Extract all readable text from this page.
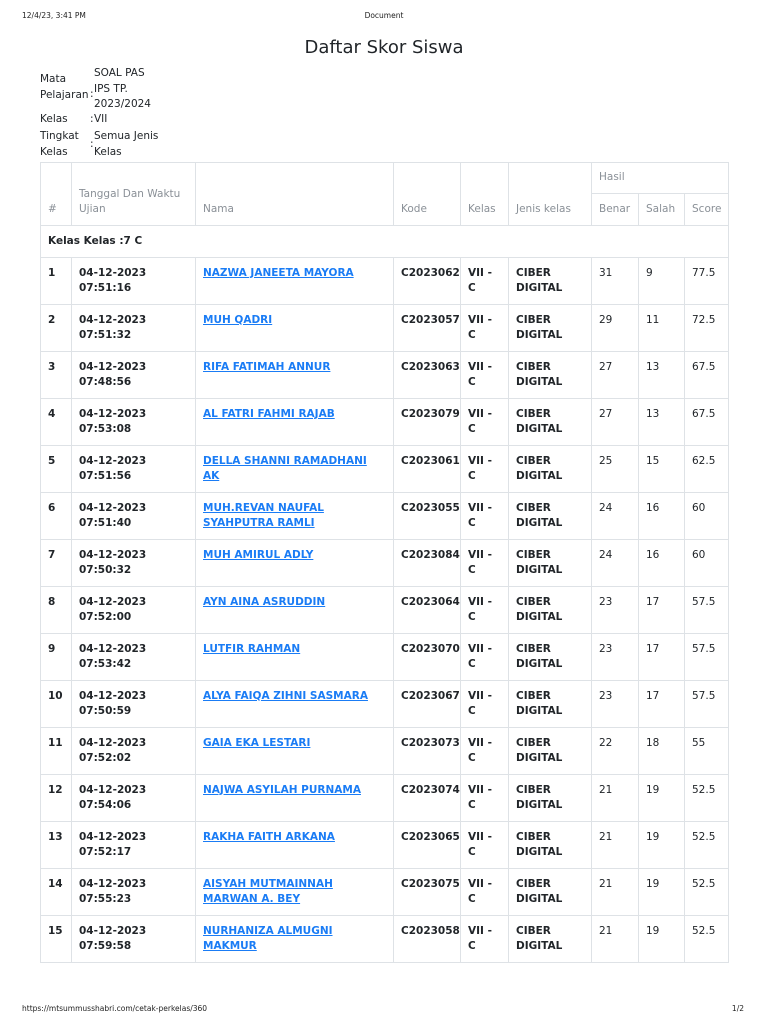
12/4/23, 3:41 PM	Document
Daftar Skor Siswa
Mata Pelajaran :
SOAL PAS IPS TP. 2023/2024
Kelas	: VII
Tingkat Kelas
:
Semua Jenis Kelas
#	Tanggal Dan Waktu Ujian	Nama	Kode	Kelas	Jenis kelas	Hasil		
						Benar	Salah	Score
Kelas Kelas :7 C								
1	04-12-2023 07:51:16	NAZWA JANEETA MAYORA	C2023062	VII - C	CIBER DIGITAL	31	9	77.5
2	04-12-2023 07:51:32	MUH QADRI	C2023057	VII - C	CIBER DIGITAL	29	11	72.5
3	04-12-2023 07:48:56	RIFA FATIMAH ANNUR	C2023063	VII - C	CIBER DIGITAL	27	13	67.5
4	04-12-2023 07:53:08	AL FATRI FAHMI RAJAB	C2023079	VII - C	CIBER DIGITAL	27	13	67.5
5	04-12-2023 07:51:56	DELLA SHANNI RAMADHANI AK	C2023061	VII - C	CIBER DIGITAL	25	15	62.5
6	04-12-2023 07:51:40	MUH.REVAN NAUFAL SYAHPUTRA RAMLI	C2023055	VII - C	CIBER DIGITAL	24	16	60
7	04-12-2023 07:50:32	MUH AMIRUL ADLY	C2023084	VII - C	CIBER DIGITAL	24	16	60
8	04-12-2023 07:52:00	AYN AINA ASRUDDIN	C2023064	VII - C	CIBER DIGITAL	23	17	57.5
9	04-12-2023 07:53:42	LUTFIR RAHMAN	C2023070	VII - C	CIBER DIGITAL	23	17	57.5
10	04-12-2023 07:50:59	ALYA FAIQA ZIHNI SASMARA	C2023067	VII - C	CIBER DIGITAL	23	17	57.5
11	04-12-2023 07:52:02	GAIA EKA LESTARI	C2023073	VII - C	CIBER DIGITAL	22	18	55
12	04-12-2023 07:54:06	NAJWA ASYILAH PURNAMA	C2023074	VII - C	CIBER DIGITAL	21	19	52.5
13	04-12-2023 07:52:17	RAKHA FAITH ARKANA	C2023065	VII - C	CIBER DIGITAL	21	19	52.5
14	04-12-2023 07:55:23	AISYAH MUTMAINNAH MARWAN A. BEY	C2023075	VII - C	CIBER DIGITAL	21	19	52.5
15	04-12-2023 07:59:58	NURHANIZA ALMUGNI MAKMUR	C2023058	VII - C	CIBER DIGITAL	21	19	52.5
https://mtsummusshabri.com/cetak-perkelas/360	1/2
